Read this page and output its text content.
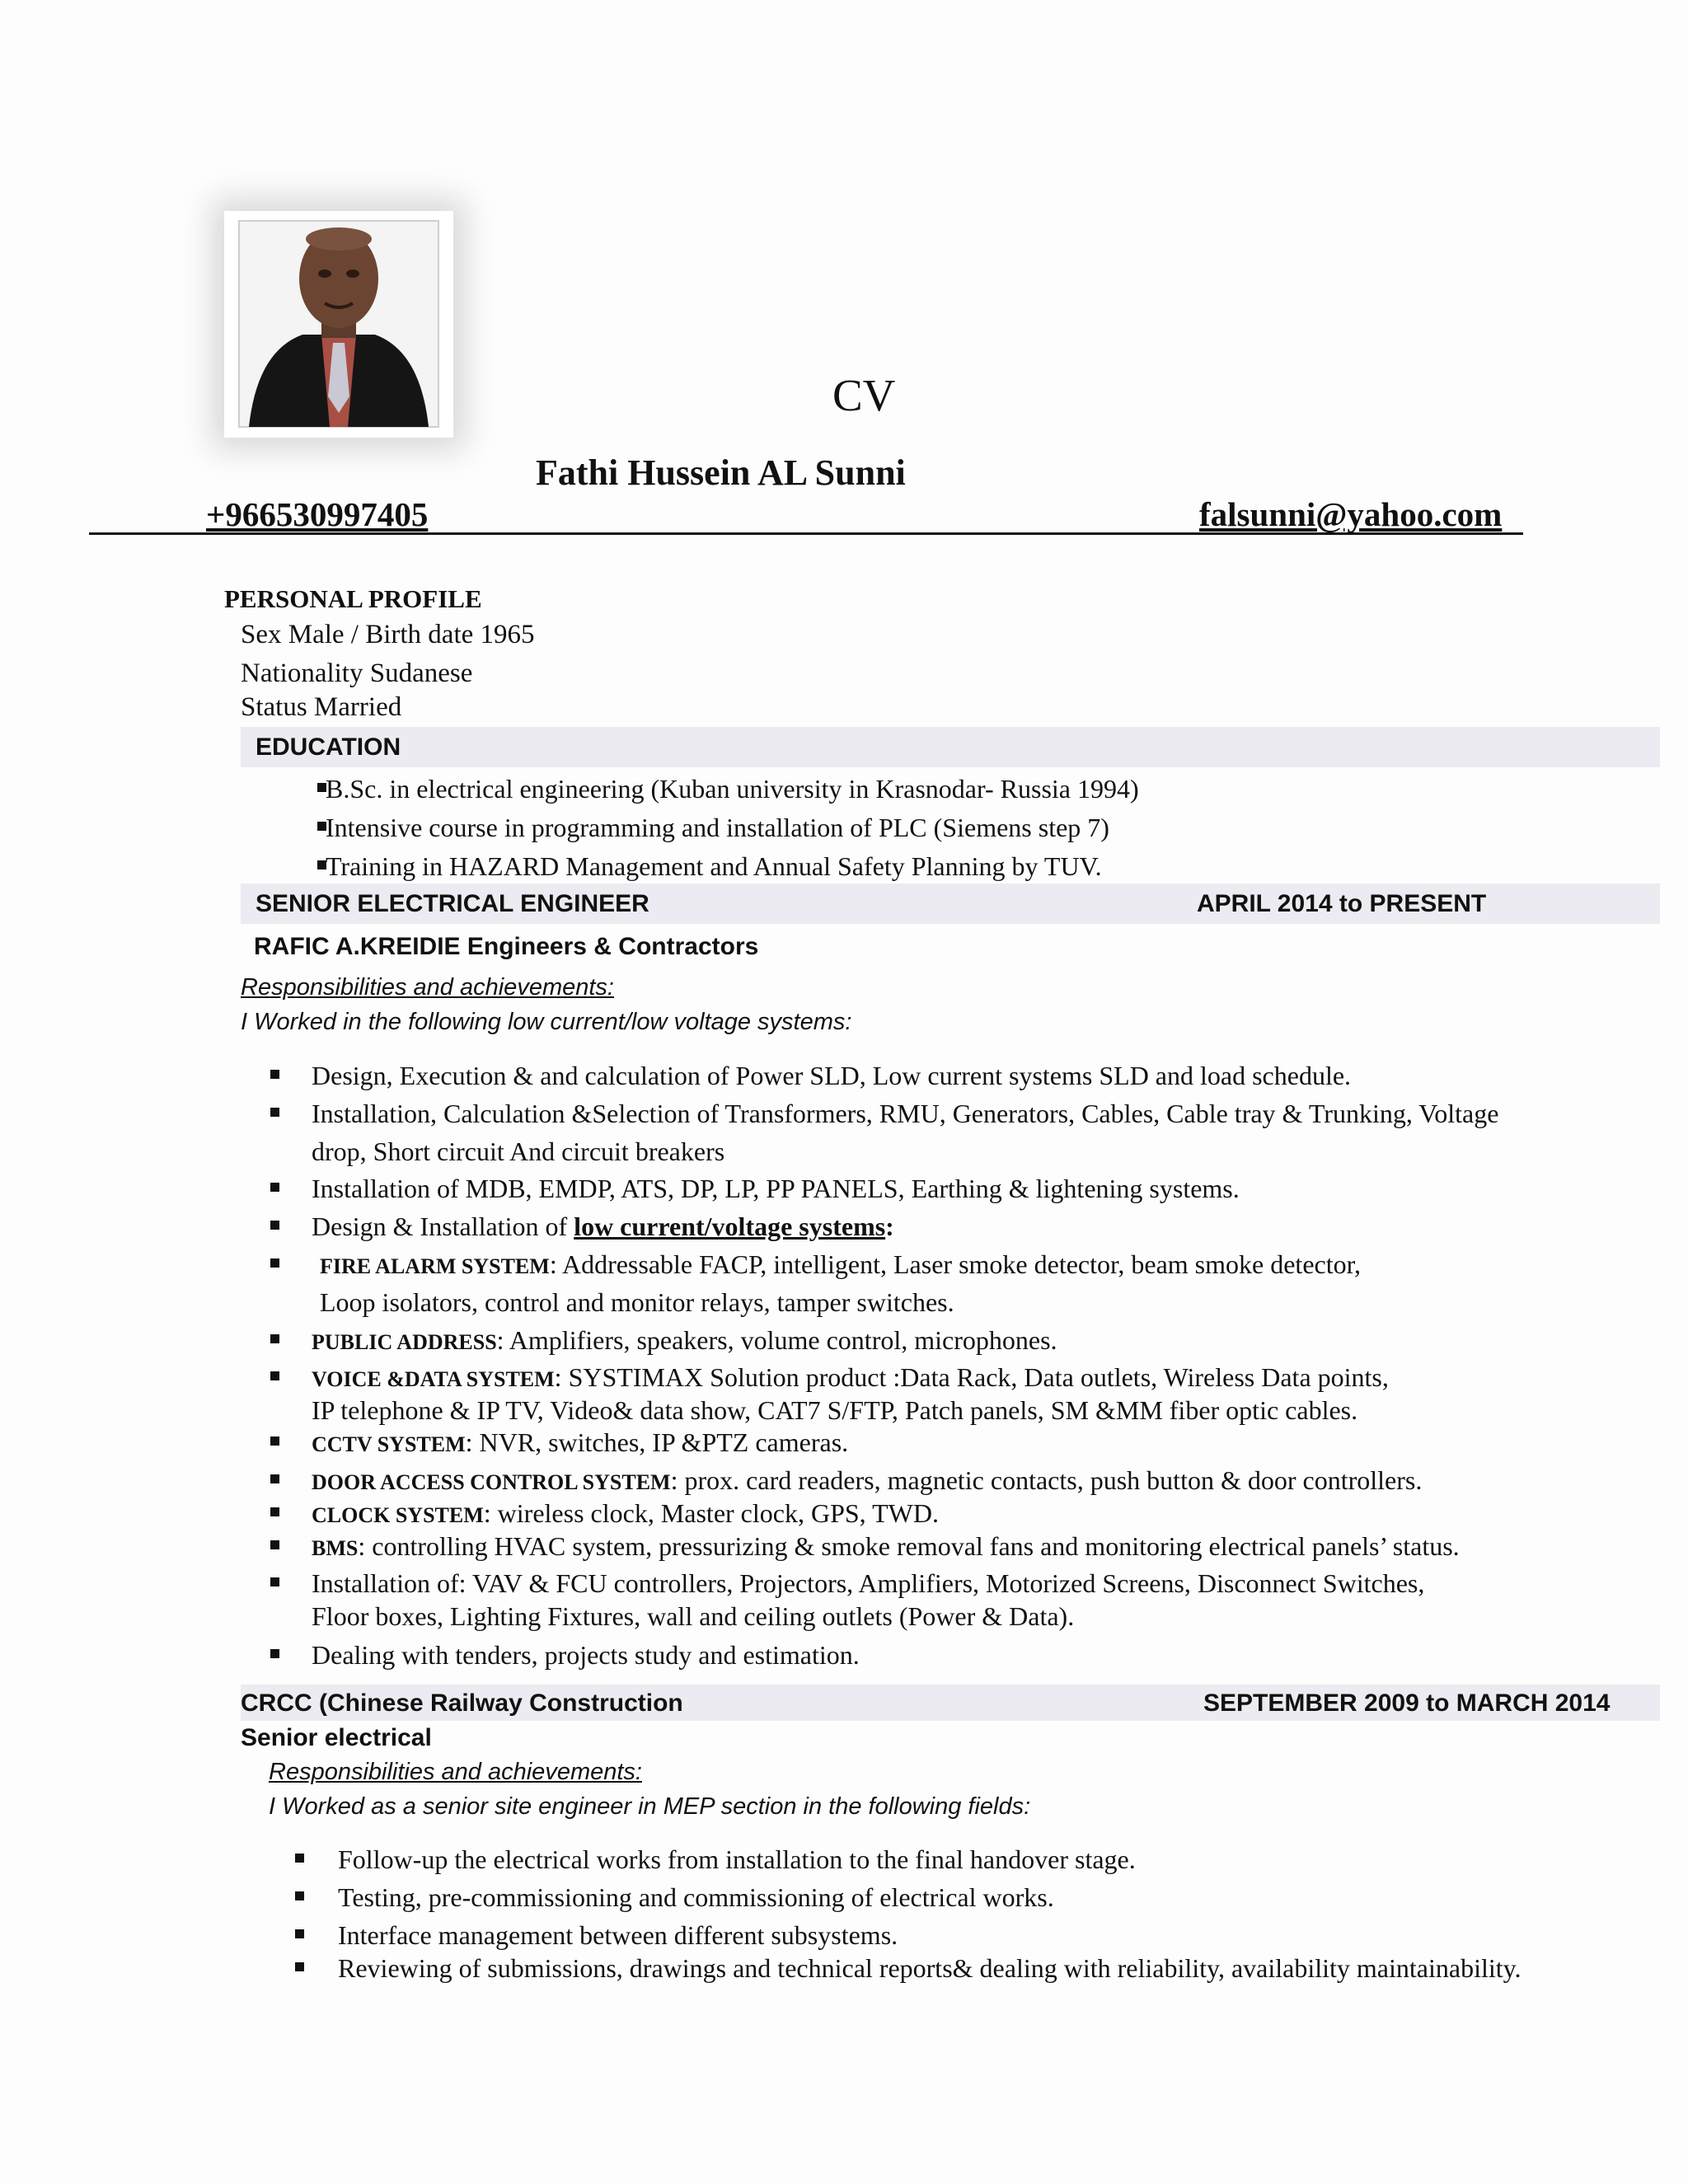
CV
Fathi Hussein AL Sunni
+966530997405	falsunni@yahoo.com
PERSONAL PROFILE
Sex Male / Birth date 1965
Nationality Sudanese
Status Married
EDUCATION
B.Sc. in electrical engineering (Kuban university in Krasnodar- Russia 1994)
Intensive course in programming and installation of PLC (Siemens step 7)
Training in HAZARD Management and Annual Safety Planning by TUV.
SENIOR ELECTRICAL ENGINEER	APRIL 2014 to PRESENT
RAFIC A.KREIDIE Engineers & Contractors
Responsibilities and achievements:
I Worked in the following low current/low voltage systems:
Design, Execution & and calculation of Power SLD, Low current systems SLD and load schedule.
Installation, Calculation &Selection of Transformers, RMU, Generators, Cables, Cable tray & Trunking, Voltage
drop, Short circuit And circuit breakers
Installation of MDB, EMDP, ATS, DP, LP, PP PANELS, Earthing & lightening systems.
Design & Installation of low current/voltage systems:
FIRE ALARM SYSTEM: Addressable FACP, intelligent, Laser smoke detector, beam smoke detector,
Loop isolators, control and monitor relays, tamper switches.
PUBLIC ADDRESS: Amplifiers, speakers, volume control, microphones.
VOICE &DATA SYSTEM: SYSTIMAX Solution product :Data Rack, Data outlets, Wireless Data points,
IP telephone & IP TV, Video& data show, CAT7 S/FTP, Patch panels, SM &MM fiber optic cables.
CCTV SYSTEM: NVR, switches, IP &PTZ cameras.
DOOR ACCESS CONTROL SYSTEM: prox. card readers, magnetic contacts, push button & door controllers.
CLOCK SYSTEM: wireless clock, Master clock, GPS, TWD.
BMS: controlling HVAC system, pressurizing & smoke removal fans and monitoring electrical panels’ status.
Installation of: VAV & FCU controllers, Projectors, Amplifiers, Motorized Screens, Disconnect Switches,
Floor boxes, Lighting Fixtures, wall and ceiling outlets (Power & Data).
Dealing with tenders, projects study and estimation.
CRCC (Chinese Railway Construction	SEPTEMBER 2009 to MARCH 2014
Senior electrical
Responsibilities and achievements:
I Worked as a senior site engineer in MEP section in the following fields:
Follow-up the electrical works from installation to the final handover stage.
Testing, pre-commissioning and commissioning of electrical works.
Interface management between different subsystems.
Reviewing of submissions, drawings and technical reports& dealing with reliability, availability maintainability.
